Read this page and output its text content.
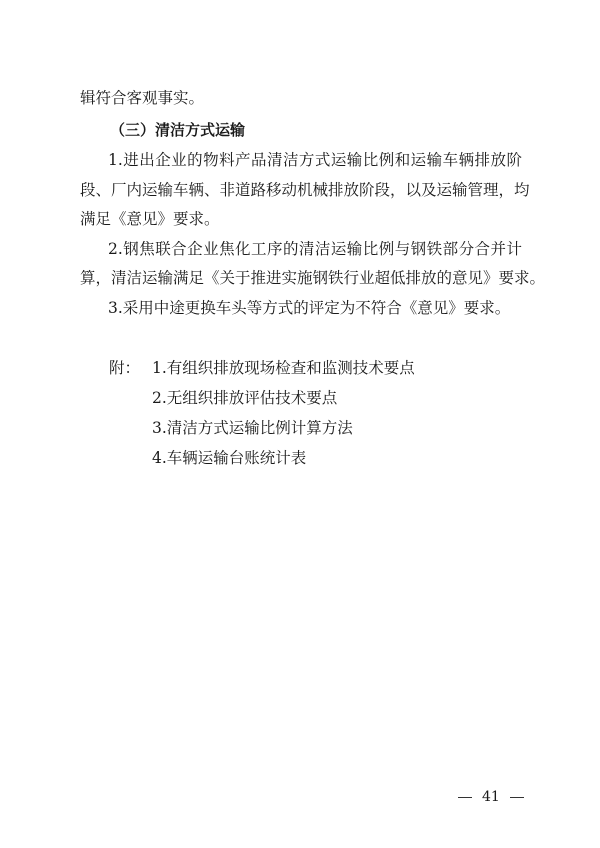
辑符合客观事实。
（三）清洁方式运输
1.进出企业的物料产品清洁方式运输比例和运输车辆排放阶
段、厂内运输车辆、非道路移动机械排放阶段，以及运输管理，均
满足《意见》要求。
2.钢焦联合企业焦化工序的清洁运输比例与钢铁部分合并计
算，清洁运输满足《关于推进实施钢铁行业超低排放的意见》要求。
3.采用中途更换车头等方式的评定为不符合《意见》要求。
附： 1.有组织排放现场检查和监测技术要点
2.无组织排放评估技术要点
3.清洁方式运输比例计算方法
4.车辆运输台账统计表
41
